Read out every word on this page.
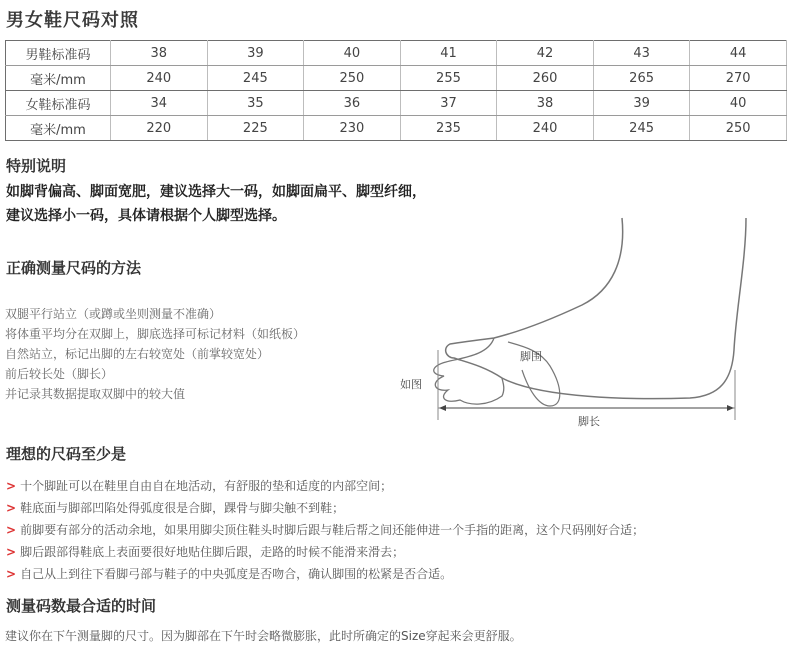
男女鞋尺码对照
男鞋标准码	38	39	40	41	42	43	44
毫米/mm	240	245	250	255	260	265	270
女鞋标准码	34	35	36	37	38	39	40
毫米/mm	220	225	230	235	240	245	250
特别说明
如脚背偏高、脚面宽肥，建议选择大一码，如脚面扁平、脚型纤细，
建议选择小一码，具体请根据个人脚型选择。
正确测量尺码的方法
双腿平行站立（或蹲或坐则测量不准确）
将体重平均分在双脚上，脚底选择可标记材料（如纸板）
自然站立，标记出脚的左右较宽处（前掌较宽处）
前后较长处（脚长）
并记录其数据提取双脚中的较大值
脚围
如图
脚长
理想的尺码至少是
> 十个脚趾可以在鞋里自由自在地活动，有舒服的垫和适度的内部空间；
> 鞋底面与脚部凹陷处得弧度很是合脚，踝骨与脚尖触不到鞋；
> 前脚要有部分的活动余地，如果用脚尖顶住鞋头时脚后跟与鞋后帮之间还能伸进一个手指的距离，这个尺码刚好合适；
> 脚后跟部得鞋底上表面要很好地贴住脚后跟，走路的时候不能滑来滑去；
> 自己从上到往下看脚弓部与鞋子的中央弧度是否吻合，确认脚围的松紧是否合适。
测量码数最合适的时间
建议你在下午测量脚的尺寸。因为脚部在下午时会略微膨胀，此时所确定的Size穿起来会更舒服。
